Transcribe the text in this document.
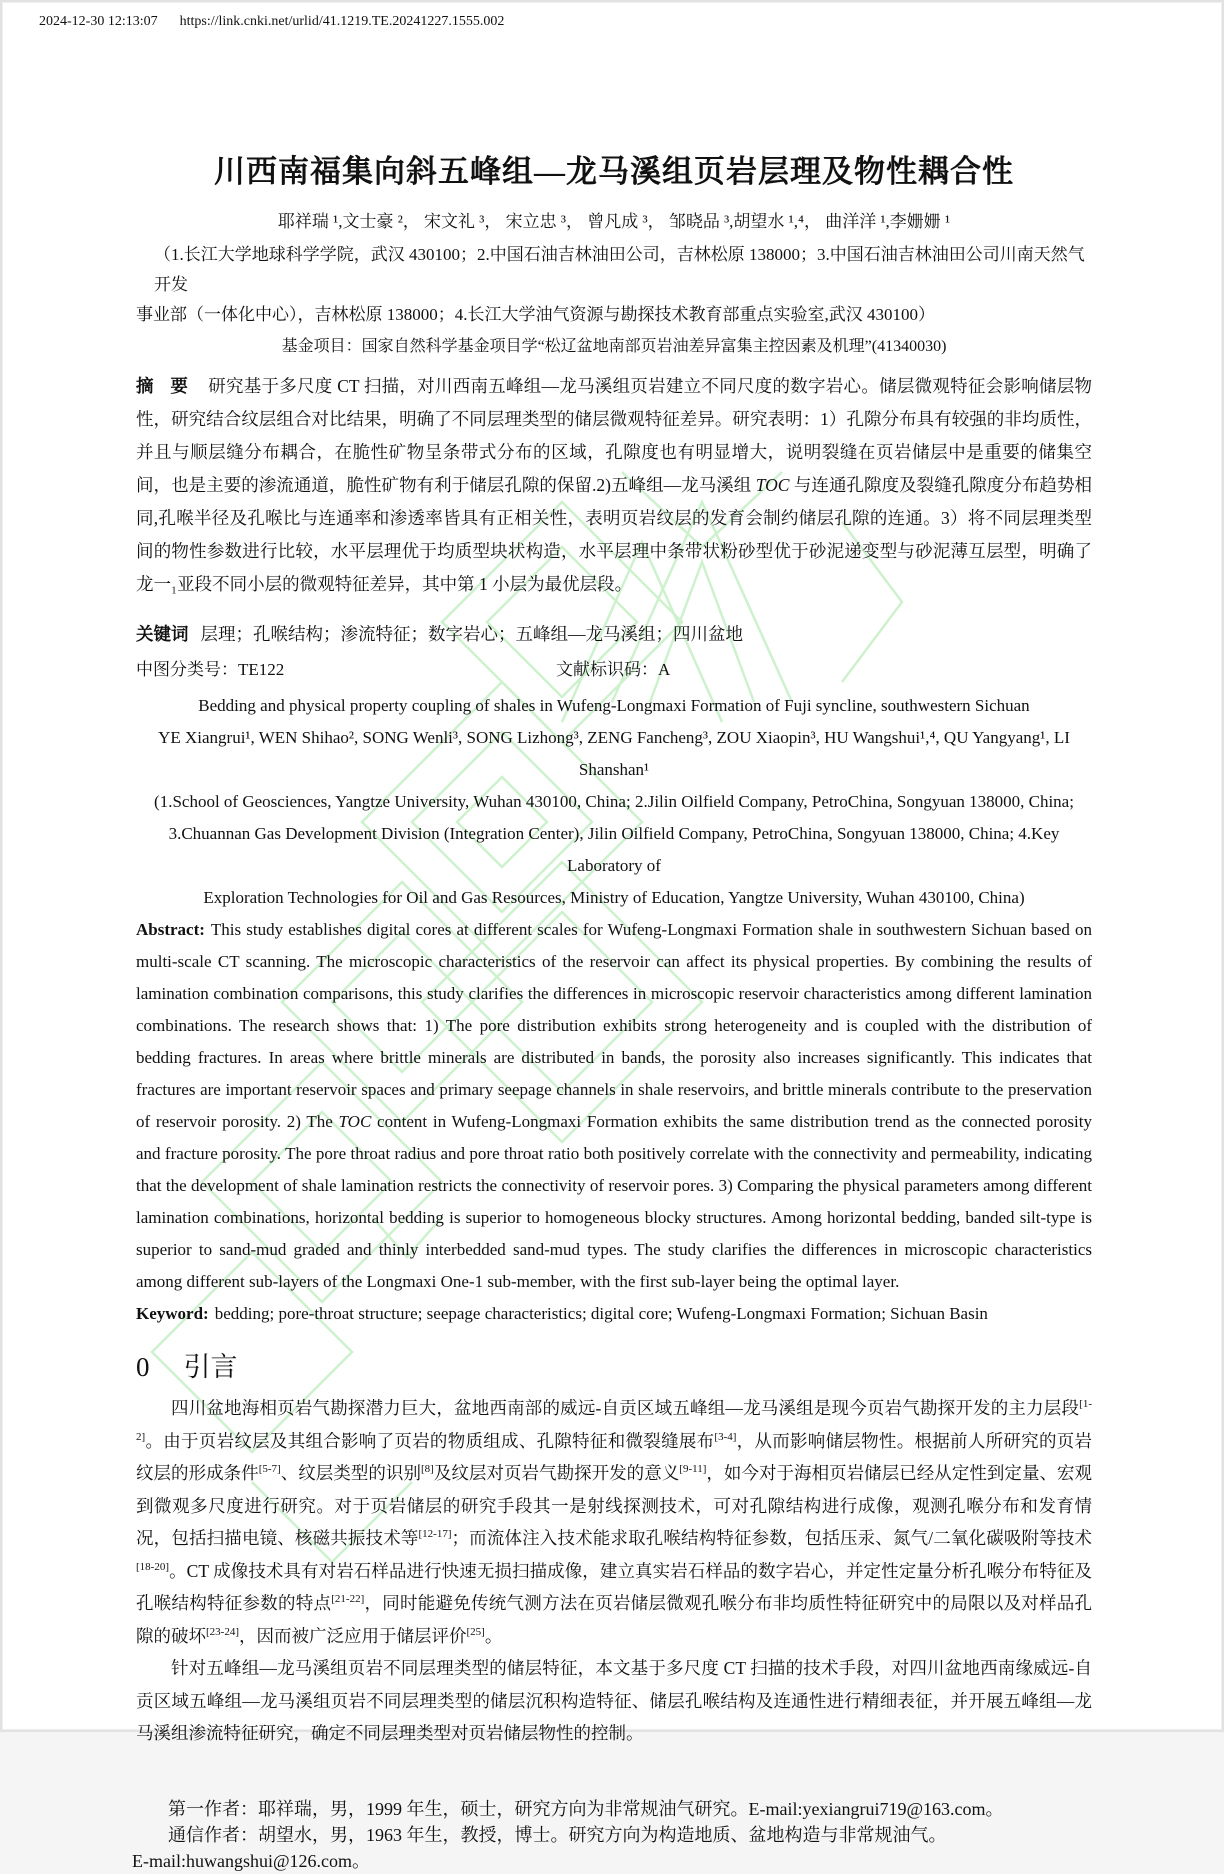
2024-12-30 12:13:07 https://link.cnki.net/urlid/41.1219.TE.20241227.1555.002
川西南福集向斜五峰组—龙马溪组页岩层理及物性耦合性

耶祥瑞 ¹,文士豪 ²， 宋文礼 ³， 宋立忠 ³， 曾凡成 ³， 邹晓品 ³,胡望水 ¹,⁴， 曲洋洋 ¹,李姗姗 ¹

（1.长江大学地球科学学院，武汉 430100；2.中国石油吉林油田公司，吉林松原 138000；3.中国石油吉林油田公司川南天然气开发
事业部（一体化中心），吉林松原 138000；4.长江大学油气资源与勘探技术教育部重点实验室,武汉 430100）

基金项目：国家自然科学基金项目学“松辽盆地南部页岩油差异富集主控因素及机理”(41340030)

摘 要 研究基于多尺度 CT 扫描，对川西南五峰组—龙马溪组页岩建立不同尺度的数字岩心。储层微观特征会影响储层物性，研究结合纹层组合对比结果，明确了不同层理类型的储层微观特征差异。研究表明：1）孔隙分布具有较强的非均质性，并且与顺层缝分布耦合，在脆性矿物呈条带式分布的区域，孔隙度也有明显增大，说明裂缝在页岩储层中是重要的储集空间，也是主要的渗流通道，脆性矿物有利于储层孔隙的保留.2)五峰组—龙马溪组 TOC 与连通孔隙度及裂缝孔隙度分布趋势相同,孔喉半径及孔喉比与连通率和渗透率皆具有正相关性，表明页岩纹层的发育会制约储层孔隙的连通。3）将不同层理类型间的物性参数进行比较，水平层理优于均质型块状构造，水平层理中条带状粉砂型优于砂泥递变型与砂泥薄互层型，明确了龙一₁亚段不同小层的微观特征差异，其中第 1 小层为最优层段。

关键词 层理；孔喉结构；渗流特征；数字岩心；五峰组—龙马溪组；四川盆地

中图分类号：TE122	文献标识码：A

Bedding and physical property coupling of shales in Wufeng-Longmaxi Formation of Fuji syncline, southwestern Sichuan

YE Xiangrui¹, WEN Shihao², SONG Wenli³, SONG Lizhong³, ZENG Fancheng³, ZOU Xiaopin³, HU Wangshui¹,⁴, QU Yangyang¹, LI Shanshan¹

(1.School of Geosciences, Yangtze University, Wuhan 430100, China; 2.Jilin Oilfield Company, PetroChina, Songyuan 138000, China;

3.Chuannan Gas Development Division (Integration Center), Jilin Oilfield Company, PetroChina, Songyuan 138000, China; 4.Key Laboratory of

Exploration Technologies for Oil and Gas Resources, Ministry of Education, Yangtze University, Wuhan 430100, China)

Abstract: This study establishes digital cores at different scales for Wufeng-Longmaxi Formation shale in southwestern Sichuan based on multi-scale CT scanning. The microscopic characteristics of the reservoir can affect its physical properties. By combining the results of lamination combination comparisons, this study clarifies the differences in microscopic reservoir characteristics among different lamination combinations. The research shows that: 1) The pore distribution exhibits strong heterogeneity and is coupled with the distribution of bedding fractures. In areas where brittle minerals are distributed in bands, the porosity also increases significantly. This indicates that fractures are important reservoir spaces and primary seepage channels in shale reservoirs, and brittle minerals contribute to the preservation of reservoir porosity. 2) The TOC content in Wufeng-Longmaxi Formation exhibits the same distribution trend as the connected porosity and fracture porosity. The pore throat radius and pore throat ratio both positively correlate with the connectivity and permeability, indicating that the development of shale lamination restricts the connectivity of reservoir pores. 3) Comparing the physical parameters among different lamination combinations, horizontal bedding is superior to homogeneous blocky structures. Among horizontal bedding, banded silt-type is superior to sand-mud graded and thinly interbedded sand-mud types. The study clarifies the differences in microscopic characteristics among different sub-layers of the Longmaxi One-1 sub-member, with the first sub-layer being the optimal layer.

Keyword: bedding; pore-throat structure; seepage characteristics; digital core; Wufeng-Longmaxi Formation; Sichuan Basin

0 引言

四川盆地海相页岩气勘探潜力巨大，盆地西南部的威远-自贡区域五峰组—龙马溪组是现今页岩气勘探开发的主力层段[1-2]。由于页岩纹层及其组合影响了页岩的物质组成、孔隙特征和微裂缝展布[3-4]，从而影响储层物性。根据前人所研究的页岩纹层的形成条件[5-7]、纹层类型的识别[8]及纹层对页岩气勘探开发的意义[9-11]，如今对于海相页岩储层已经从定性到定量、宏观到微观多尺度进行研究。对于页岩储层的研究手段其一是射线探测技术，可对孔隙结构进行成像，观测孔喉分布和发育情况，包括扫描电镜、核磁共振技术等[12-17]；而流体注入技术能求取孔喉结构特征参数，包括压汞、氮气/二氧化碳吸附等技术[18-20]。CT 成像技术具有对岩石样品进行快速无损扫描成像，建立真实岩石样品的数字岩心，并定性定量分析孔喉分布特征及孔喉结构特征参数的特点[21-22]，同时能避免传统气测方法在页岩储层微观孔喉分布非均质性特征研究中的局限以及对样品孔隙的破坏[23-24]，因而被广泛应用于储层评价[25]。

针对五峰组—龙马溪组页岩不同层理类型的储层特征，本文基于多尺度 CT 扫描的技术手段，对四川盆地西南缘威远-自贡区域五峰组—龙马溪组页岩不同层理类型的储层沉积构造特征、储层孔喉结构及连通性进行精细表征，并开展五峰组—龙马溪组渗流特征研究，确定不同层理类型对页岩储层物性的控制。

第一作者：耶祥瑞，男，1999 年生，硕士，研究方向为非常规油气研究。E-mail:yexiangrui719@163.com。
通信作者：胡望水，男，1963 年生，教授，博士。研究方向为构造地质、盆地构造与非常规油气。
E-mail:huwangshui@126.com。
